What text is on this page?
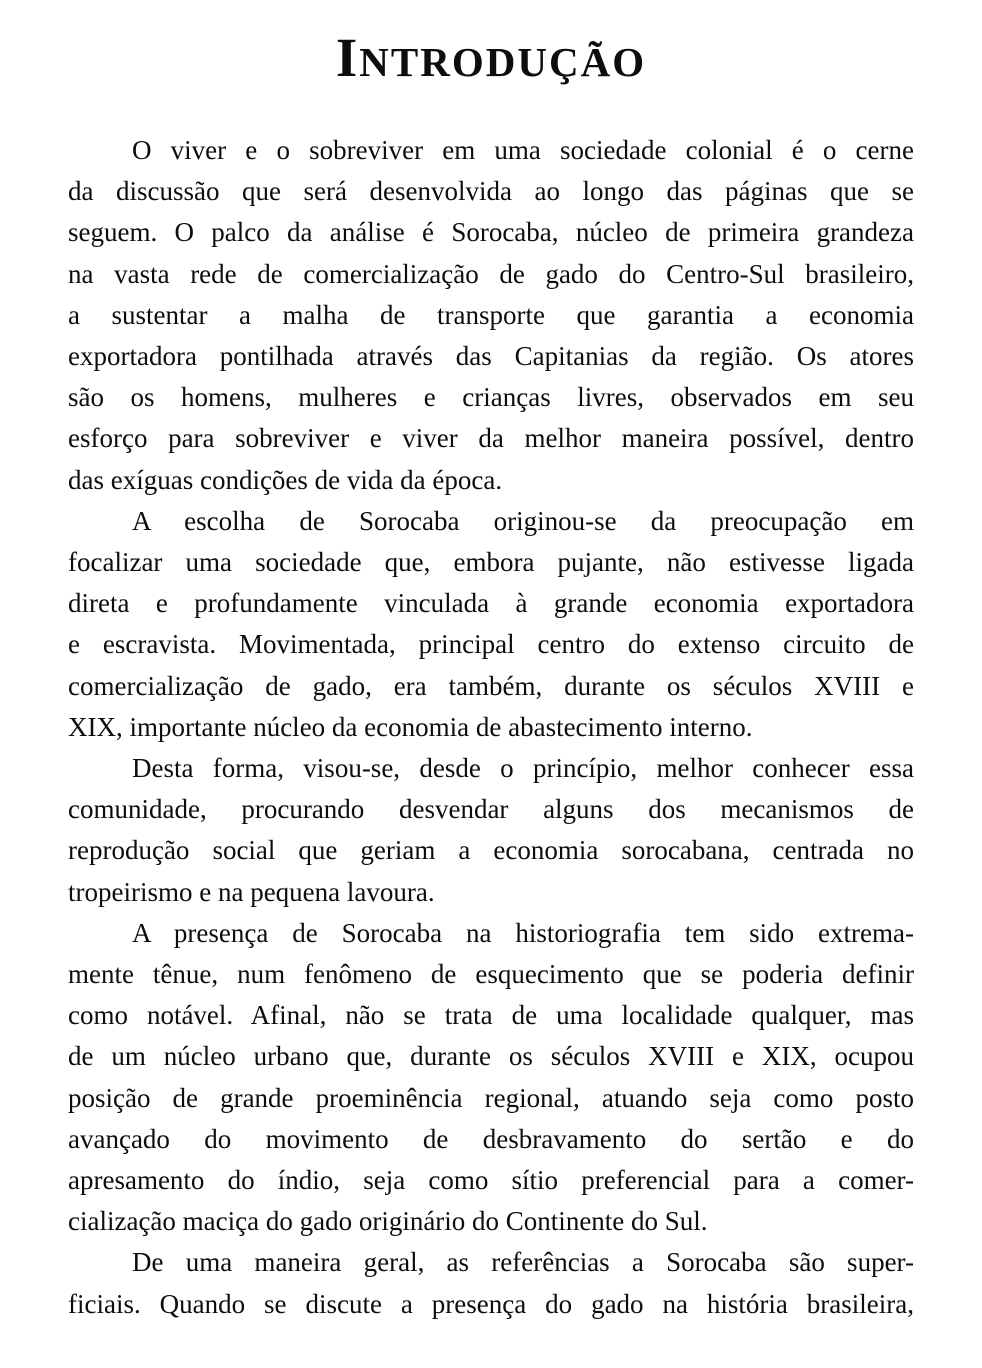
INTRODUÇÃO

O viver e o sobreviver em uma sociedade colonial é o cerne
da discussão que será desenvolvida ao longo das páginas que se
seguem. O palco da análise é Sorocaba, núcleo de primeira grandeza
na vasta rede de comercialização de gado do Centro-Sul brasileiro,
a sustentar a malha de transporte que garantia a economia
exportadora pontilhada através das Capitanias da região. Os atores
são os homens, mulheres e crianças livres, observados em seu
esforço para sobreviver e viver da melhor maneira possível, dentro
das exíguas condições de vida da época.

A escolha de Sorocaba originou-se da preocupação em
focalizar uma sociedade que, embora pujante, não estivesse ligada
direta e profundamente vinculada à grande economia exportadora
e escravista. Movimentada, principal centro do extenso circuito de
comercialização de gado, era também, durante os séculos XVIII e
XIX, importante núcleo da economia de abastecimento interno.

Desta forma, visou-se, desde o princípio, melhor conhecer essa
comunidade, procurando desvendar alguns dos mecanismos de
reprodução social que geriam a economia sorocabana, centrada no
tropeirismo e na pequena lavoura.

A presença de Sorocaba na historiografia tem sido extrema-
mente tênue, num fenômeno de esquecimento que se poderia definir
como notável. Afinal, não se trata de uma localidade qualquer, mas
de um núcleo urbano que, durante os séculos XVIII e XIX, ocupou
posição de grande proeminência regional, atuando seja como posto
avançado do movimento de desbravamento do sertão e do
apresamento do índio, seja como sítio preferencial para a comer-
cialização maciça do gado originário do Continente do Sul.

De uma maneira geral, as referências a Sorocaba são super-
ficiais. Quando se discute a presença do gado na história brasileira,
